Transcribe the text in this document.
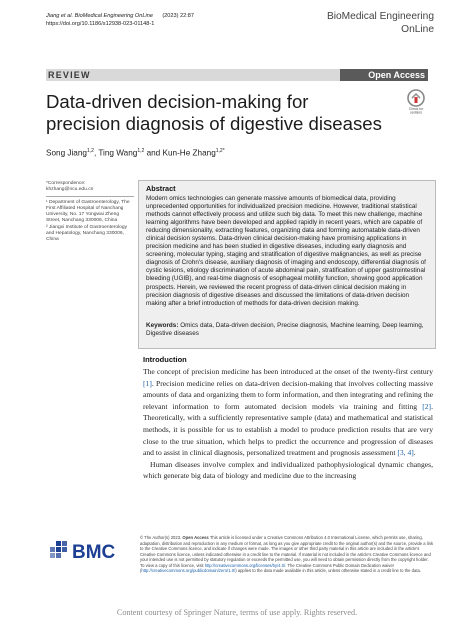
Jiang et al. BioMedical Engineering OnLine (2023) 22:87
https://doi.org/10.1186/s12938-023-01148-1
BioMedical Engineering
OnLine
REVIEW	Open Access
Data-driven decision-making for precision diagnosis of digestive diseases
Check for
updates
Song Jiang$^{1,2}$, Ting Wang$^{1,2}$ and Kun-He Zhang$^{1,2*}$
*Correspondence:
khzhang@ncu.edu.cn
¹ Department of Gastroenterology, The First Affiliated Hospital of Nanchang University, No. 17 Yongwai Zheng Street, Nanchang 330006, China
² Jiangxi Institute of Gastroenterology and Hepatology, Nanchang 330006, China
Abstract
Modern omics technologies can generate massive amounts of biomedical data, providing unprecedented opportunities for individualized precision medicine. However, traditional statistical methods cannot effectively process and utilize such big data. To meet this new challenge, machine learning algorithms have been developed and applied rapidly in recent years, which are capable of reducing dimensionality, extracting features, organizing data and forming automatable data-driven clinical decision systems. Data-driven clinical decision-making have promising applications in precision medicine and has been studied in digestive diseases, including early diagnosis and screening, molecular typing, staging and stratification of digestive malignancies, as well as precise diagnosis of Crohn's disease, auxiliary diagnosis of imaging and endoscopy, differential diagnosis of cystic lesions, etiology discrimination of acute abdominal pain, stratification of upper gastrointestinal bleeding (UGIB), and real-time diagnosis of esophageal motility function, showing good application prospects. Herein, we reviewed the recent progress of data-driven clinical decision making in precision diagnosis of digestive diseases and discussed the limitations of data-driven decision making after a brief introduction of methods for data-driven decision making.
Keywords: Omics data, Data-driven decision, Precise diagnosis, Machine learning, Deep learning, Digestive diseases
Introduction
The concept of precision medicine has been introduced at the onset of the twenty-first century [1]. Precision medicine relies on data-driven decision-making that involves collecting massive amounts of data and organizing them to form information, and then integrating and refining the relevant information to form automated decision models via training and fitting [2]. Theoretically, with a sufficiently representative sample (data) and mathematical and statistical methods, it is possible for us to establish a model to produce prediction results that are very close to the true situation, which helps to predict the occurrence and progression of diseases and to assist in clinical diagnosis, personalized treatment and prognosis assessment [3, 4].
Human diseases involve complex and individualized pathophysiological dynamic changes, which generate big data of biology and medicine due to the increasing
BMC
© The Author(s) 2023. Open Access This article is licensed under a Creative Commons Attribution 4.0 International License, which permits use, sharing, adaptation, distribution and reproduction in any medium or format, as long as you give appropriate credit to the original author(s) and the source, provide a link to the Creative Commons licence, and indicate if changes were made. The images or other third party material in this article are included in the article's Creative Commons licence, unless indicated otherwise in a credit line to the material. If material is not included in the article's Creative Commons licence and your intended use is not permitted by statutory regulation or exceeds the permitted use, you will need to obtain permission directly from the copyright holder. To view a copy of this licence, visit http://creativecommons.org/licenses/by/4.0/. The Creative Commons Public Domain Dedication waiver (http://creativecommons.org/publicdomain/zero/1.0/) applies to the data made available in this article, unless otherwise stated in a credit line to the data.
Content courtesy of Springer Nature, terms of use apply. Rights reserved.
